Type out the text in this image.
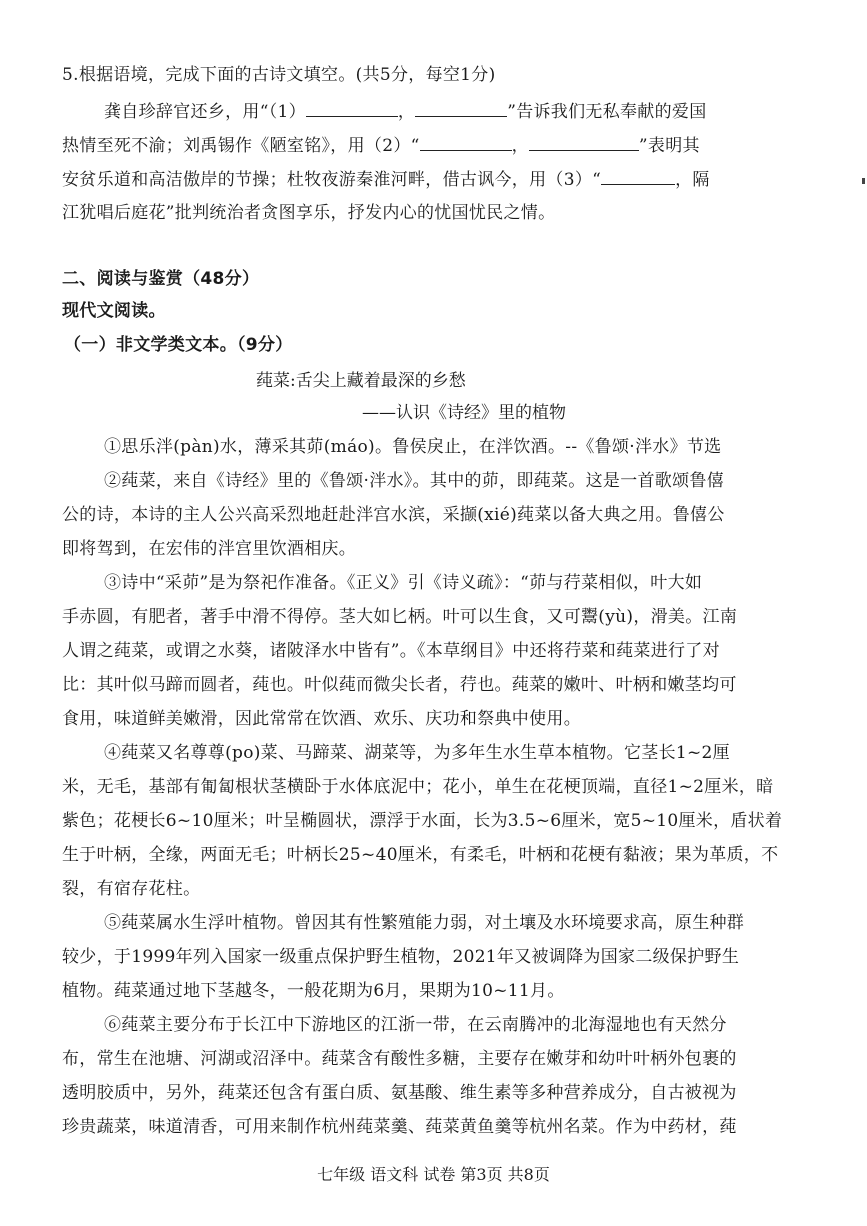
5.根据语境，完成下面的古诗文填空。(共5分，每空1分)
龚自珍辞官还乡，用“（1）	，	”告诉我们无私奉献的爱国
热情至死不渝；刘禹锡作《陋室铭》，用（2）“	，	”表明其
安贫乐道和高洁傲岸的节操；杜牧夜游秦淮河畔，借古讽今，用（3）“	，隔
江犹唱后庭花”批判统治者贪图享乐，抒发内心的忧国忧民之情。
二、阅读与鉴赏（48分）
现代文阅读。
（一）非文学类文本。（9分）
莼菜:舌尖上藏着最深的乡愁
——认识《诗经》里的植物
①思乐泮(pàn)水，薄采其茆(máo)。鲁侯戾止，在泮饮酒。--《鲁颂·泮水》节选
②莼菜，来自《诗经》里的《鲁颂·泮水》。其中的茆，即莼菜。这是一首歌颂鲁僖
公的诗，本诗的主人公兴高采烈地赶赴泮宫水滨，采撷(xié)莼菜以备大典之用。鲁僖公
即将驾到，在宏伟的泮宫里饮酒相庆。
③诗中“采茆”是为祭祀作准备。《正义》引《诗义疏》：“茆与荇菜相似，叶大如
手赤圆，有肥者，著手中滑不得停。茎大如匕柄。叶可以生食，又可鬻(yù)，滑美。江南
人谓之莼菜，或谓之水葵，诸陂泽水中皆有”。《本草纲目》中还将荇菜和莼菜进行了对
比：其叶似马蹄而圆者，莼也。叶似莼而微尖长者，荇也。莼菜的嫩叶、叶柄和嫩茎均可
食用，味道鲜美嫩滑，因此常常在饮酒、欢乐、庆功和祭典中使用。
④莼菜又名尊尊(po)菜、马蹄菜、湖菜等，为多年生水生草本植物。它茎长1~2厘
米，无毛，基部有匍匐根状茎横卧于水体底泥中；花小，单生在花梗顶端，直径1~2厘米，暗
紫色；花梗长6~10厘米；叶呈椭圆状，漂浮于水面，长为3.5~6厘米，宽5~10厘米，盾状着
生于叶柄，全缘，两面无毛；叶柄长25~40厘米，有柔毛，叶柄和花梗有黏液；果为革质，不
裂，有宿存花柱。
⑤莼菜属水生浮叶植物。曾因其有性繁殖能力弱，对土壤及水环境要求高，原生种群
较少，于1999年列入国家一级重点保护野生植物，2021年又被调降为国家二级保护野生
植物。莼菜通过地下茎越冬，一般花期为6月，果期为10~11月。
⑥莼菜主要分布于长江中下游地区的江浙一带，在云南腾冲的北海湿地也有天然分
布，常生在池塘、河湖或沼泽中。莼菜含有酸性多糖，主要存在嫩芽和幼叶叶柄外包裹的
透明胶质中，另外，莼菜还包含有蛋白质、氨基酸、维生素等多种营养成分，自古被视为
珍贵蔬菜，味道清香，可用来制作杭州莼菜羹、莼菜黄鱼羹等杭州名菜。作为中药材，莼
七年级 语文科 试卷 第3页 共8页
